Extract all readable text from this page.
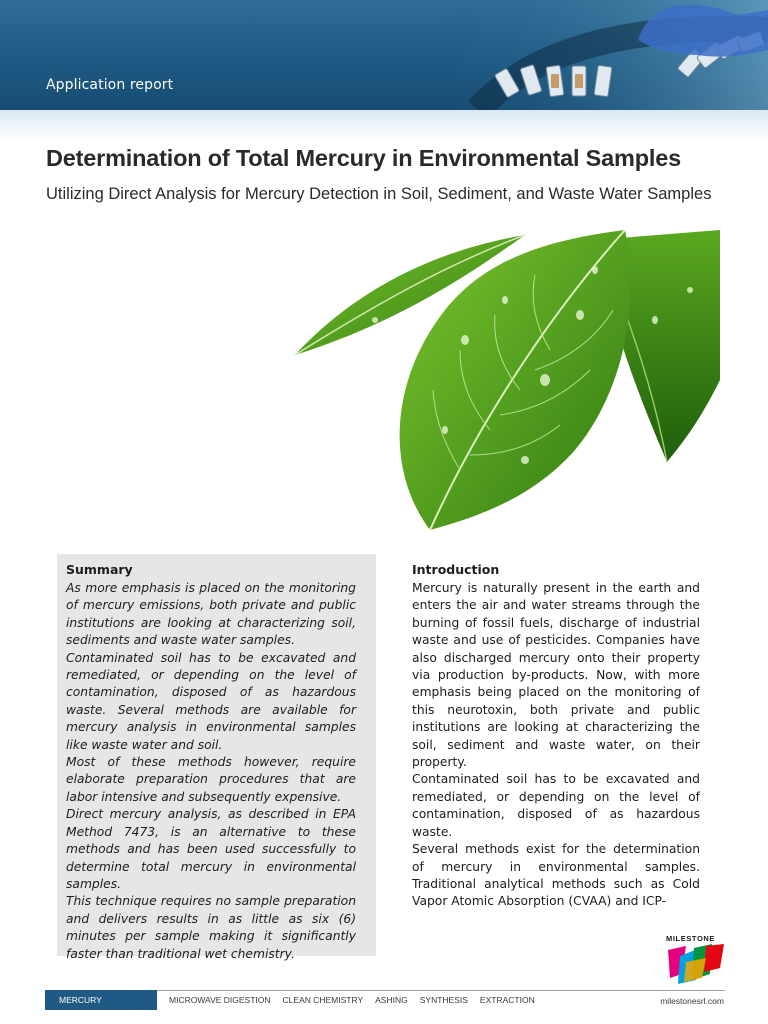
Application report
Determination of Total Mercury in Environmental Samples
Utilizing Direct Analysis for Mercury Detection in Soil, Sediment, and Waste Water Samples
Summary

As more emphasis is placed on the monitoring of mercury emissions, both private and public institutions are looking at characterizing soil, sediments and waste water samples.

Contaminated soil has to be excavated and remediated, or depending on the level of contamination, disposed of as hazardous waste. Several methods are available for mercury analysis in environmental samples like waste water and soil.

Most of these methods however, require elaborate preparation procedures that are labor intensive and subsequently expensive.

Direct mercury analysis, as described in EPA Method 7473, is an alternative to these methods and has been used successfully to determine total mercury in environmental samples.

This technique requires no sample preparation and delivers results in as little as six (6) minutes per sample making it significantly faster than traditional wet chemistry.

Introduction

Mercury is naturally present in the earth and enters the air and water streams through the burning of fossil fuels, discharge of industrial waste and use of pesticides. Companies have also discharged mercury onto their property via production by-products. Now, with more emphasis being placed on the monitoring of this neurotoxin, both private and public institutions are looking at characterizing the soil, sediment and waste water, on their property.

Contaminated soil has to be excavated and remediated, or depending on the level of contamination, disposed of as hazardous waste.

Several methods exist for the determination of mercury in environmental samples. Traditional analytical methods such as Cold Vapor Atomic Absorption (CVAA) and ICP-

MILESTONE
MERCURY	MICROWAVE DIGESTION	CLEAN CHEMISTRY	ASHING	SYNTHESIS	EXTRACTION	milestonesrl.com
